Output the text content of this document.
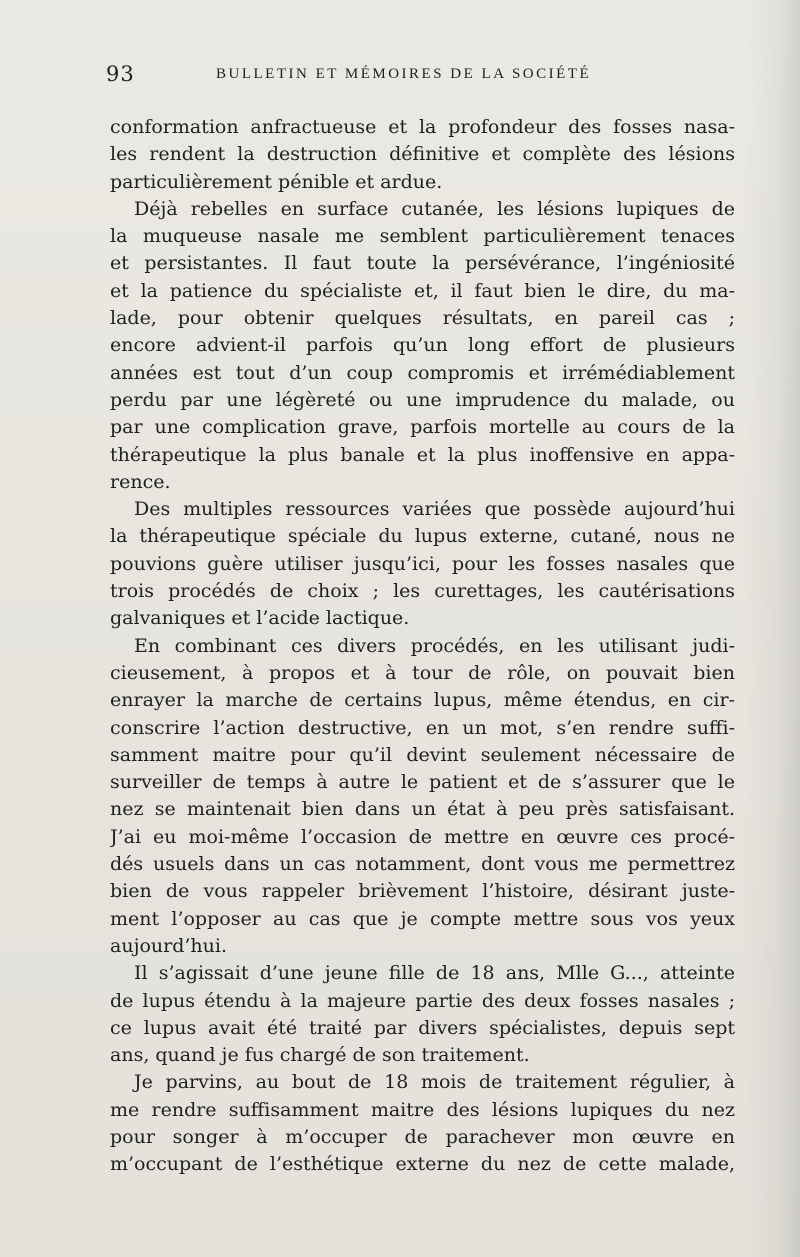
93	BULLETIN ET MÉMOIRES DE LA SOCIÉTÉ
conformation anfractueuse et la profondeur des fosses nasa-
les rendent la destruction définitive et complète des lésions
particulièrement pénible et ardue.
Déjà rebelles en surface cutanée, les lésions lupiques de
la muqueuse nasale me semblent particulièrement tenaces
et persistantes. Il faut toute la persévérance, l’ingéniosité
et la patience du spécialiste et, il faut bien le dire, du ma-
lade, pour obtenir quelques résultats, en pareil cas ;
encore advient-il parfois qu’un long effort de plusieurs
années est tout d’un coup compromis et irrémédiablement
perdu par une légèreté ou une imprudence du malade, ou
par une complication grave, parfois mortelle au cours de la
thérapeutique la plus banale et la plus inoffensive en appa-
rence.
Des multiples ressources variées que possède aujourd’hui
la thérapeutique spéciale du lupus externe, cutané, nous ne
pouvions guère utiliser jusqu’ici, pour les fosses nasales que
trois procédés de choix ; les curettages, les cautérisations
galvaniques et l’acide lactique.
En combinant ces divers procédés, en les utilisant judi-
cieusement, à propos et à tour de rôle, on pouvait bien
enrayer la marche de certains lupus, même étendus, en cir-
conscrire l’action destructive, en un mot, s’en rendre suffi-
samment maitre pour qu’il devint seulement nécessaire de
surveiller de temps à autre le patient et de s’assurer que le
nez se maintenait bien dans un état à peu près satisfaisant.
J’ai eu moi-même l’occasion de mettre en œuvre ces procé-
dés usuels dans un cas notamment, dont vous me permettrez
bien de vous rappeler brièvement l’histoire, désirant juste-
ment l’opposer au cas que je compte mettre sous vos yeux
aujourd’hui.
Il s’agissait d’une jeune fille de 18 ans, Mlle G..., atteinte
de lupus étendu à la majeure partie des deux fosses nasales ;
ce lupus avait été traité par divers spécialistes, depuis sept
ans, quand je fus chargé de son traitement.
Je parvins, au bout de 18 mois de traitement régulier, à
me rendre suffisamment maitre des lésions lupiques du nez
pour songer à m’occuper de parachever mon œuvre en
m’occupant de l’esthétique externe du nez de cette malade,
